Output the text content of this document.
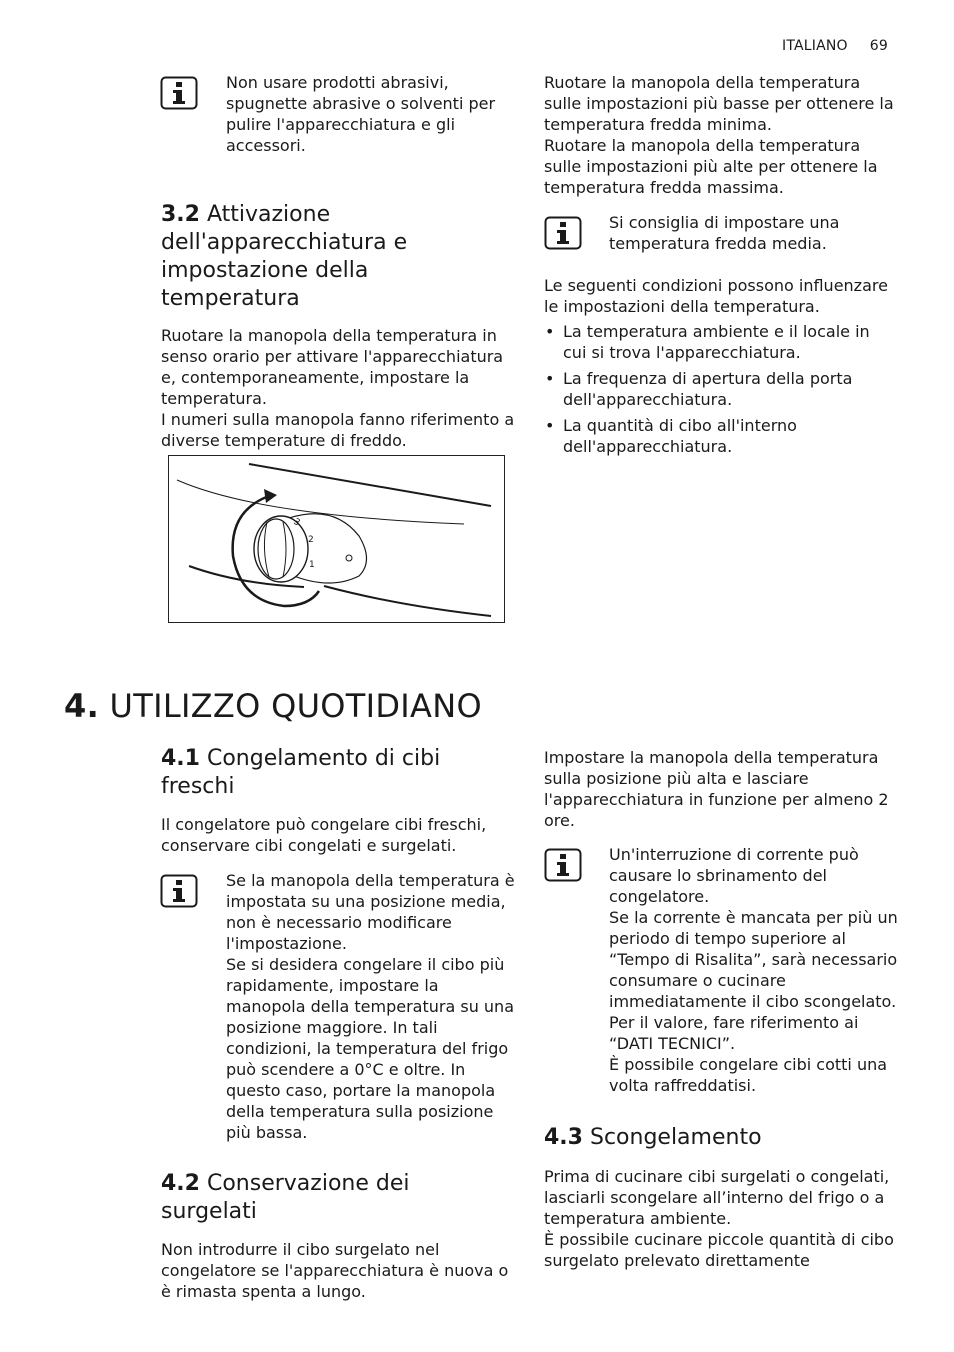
ITALIANO 69
Non usare prodotti abrasivi, spugnette abrasive o solventi per pulire l'apparecchiatura e gli accessori.
3.2 Attivazione dell'apparecchiatura e impostazione della temperatura

Ruotare la manopola della temperatura in senso orario per attivare l'apparecchiatura e, contemporaneamente, impostare la temperatura.
I numeri sulla manopola fanno riferimento a diverse temperature di freddo.

3
2
1

Ruotare la manopola della temperatura sulle impostazioni più basse per ottenere la temperatura fredda minima.
Ruotare la manopola della temperatura sulle impostazioni più alte per ottenere la temperatura fredda massima.

Si consiglia di impostare una temperatura fredda media.

Le seguenti condizioni possono influenzare le impostazioni della temperatura.

• La temperatura ambiente e il locale in cui si trova l'apparecchiatura.
• La frequenza di apertura della porta dell'apparecchiatura.
• La quantità di cibo all'interno dell'apparecchiatura.
4. UTILIZZO QUOTIDIANO
4.1 Congelamento di cibi freschi

Il congelatore può congelare cibi freschi, conservare cibi congelati e surgelati.

Se la manopola della temperatura è impostata su una posizione media, non è necessario modificare l'impostazione.
Se si desidera congelare il cibo più rapidamente, impostare la manopola della temperatura su una posizione maggiore. In tali condizioni, la temperatura del frigo può scendere a 0°C e oltre. In questo caso, portare la manopola della temperatura sulla posizione più bassa.
4.2 Conservazione dei surgelati

Non introdurre il cibo surgelato nel congelatore se l'apparecchiatura è nuova o è rimasta spenta a lungo.

Impostare la manopola della temperatura sulla posizione più alta e lasciare l'apparecchiatura in funzione per almeno 2 ore.

Un'interruzione di corrente può causare lo sbrinamento del congelatore.
Se la corrente è mancata per più un periodo di tempo superiore al “Tempo di Risalita”, sarà necessario consumare o cucinare immediatamente il cibo scongelato. Per il valore, fare riferimento ai “DATI TECNICI”.
È possibile congelare cibi cotti una volta raffreddatisi.
4.3 Scongelamento

Prima di cucinare cibi surgelati o congelati, lasciarli scongelare all’interno del frigo o a temperatura ambiente.
È possibile cucinare piccole quantità di cibo surgelato prelevato direttamente
